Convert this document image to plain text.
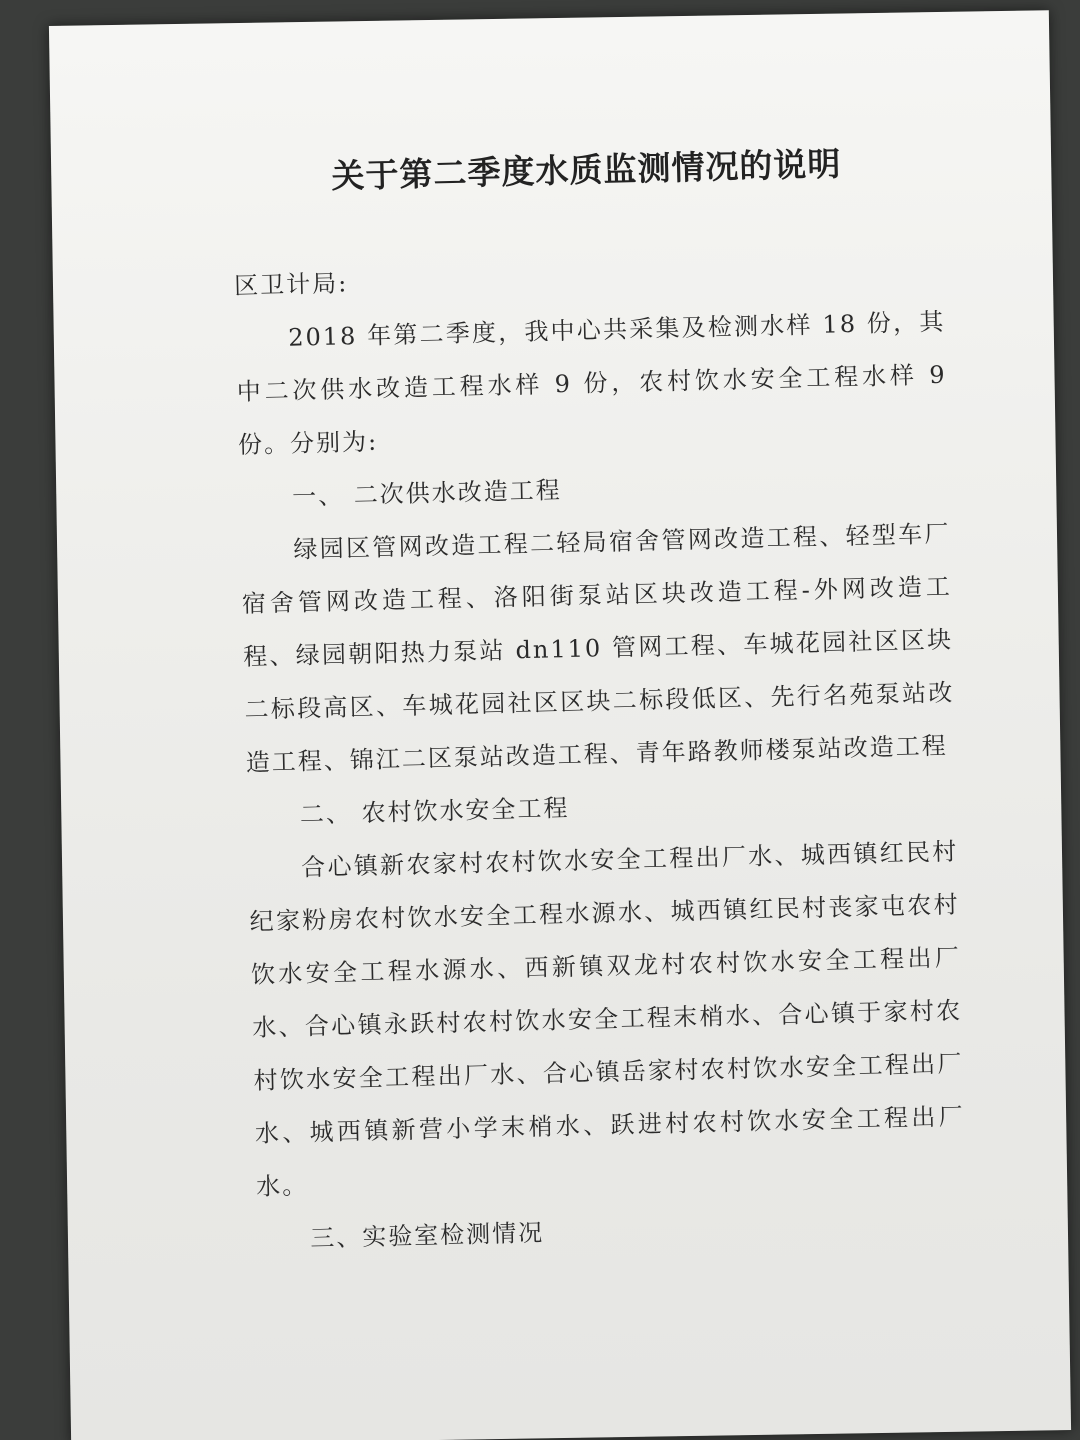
关于第二季度水质监测情况的说明

区卫计局:

2018 年第二季度，我中心共采集及检测水样 18 份，其中二次供水改造工程水样 9 份，农村饮水安全工程水样 9 份。分别为:

一、 二次供水改造工程

绿园区管网改造工程二轻局宿舍管网改造工程、轻型车厂宿舍管网改造工程、洛阳街泵站区块改造工程-外网改造工程、绿园朝阳热力泵站 dn110 管网工程、车城花园社区区块二标段高区、车城花园社区区块二标段低区、先行名苑泵站改造工程、锦江二区泵站改造工程、青年路教师楼泵站改造工程

二、 农村饮水安全工程

合心镇新农家村农村饮水安全工程出厂水、城西镇红民村纪家粉房农村饮水安全工程水源水、城西镇红民村丧家屯农村饮水安全工程水源水、西新镇双龙村农村饮水安全工程出厂水、合心镇永跃村农村饮水安全工程末梢水、合心镇于家村农村饮水安全工程出厂水、合心镇岳家村农村饮水安全工程出厂水、城西镇新营小学末梢水、跃进村农村饮水安全工程出厂水。

三、实验室检测情况
